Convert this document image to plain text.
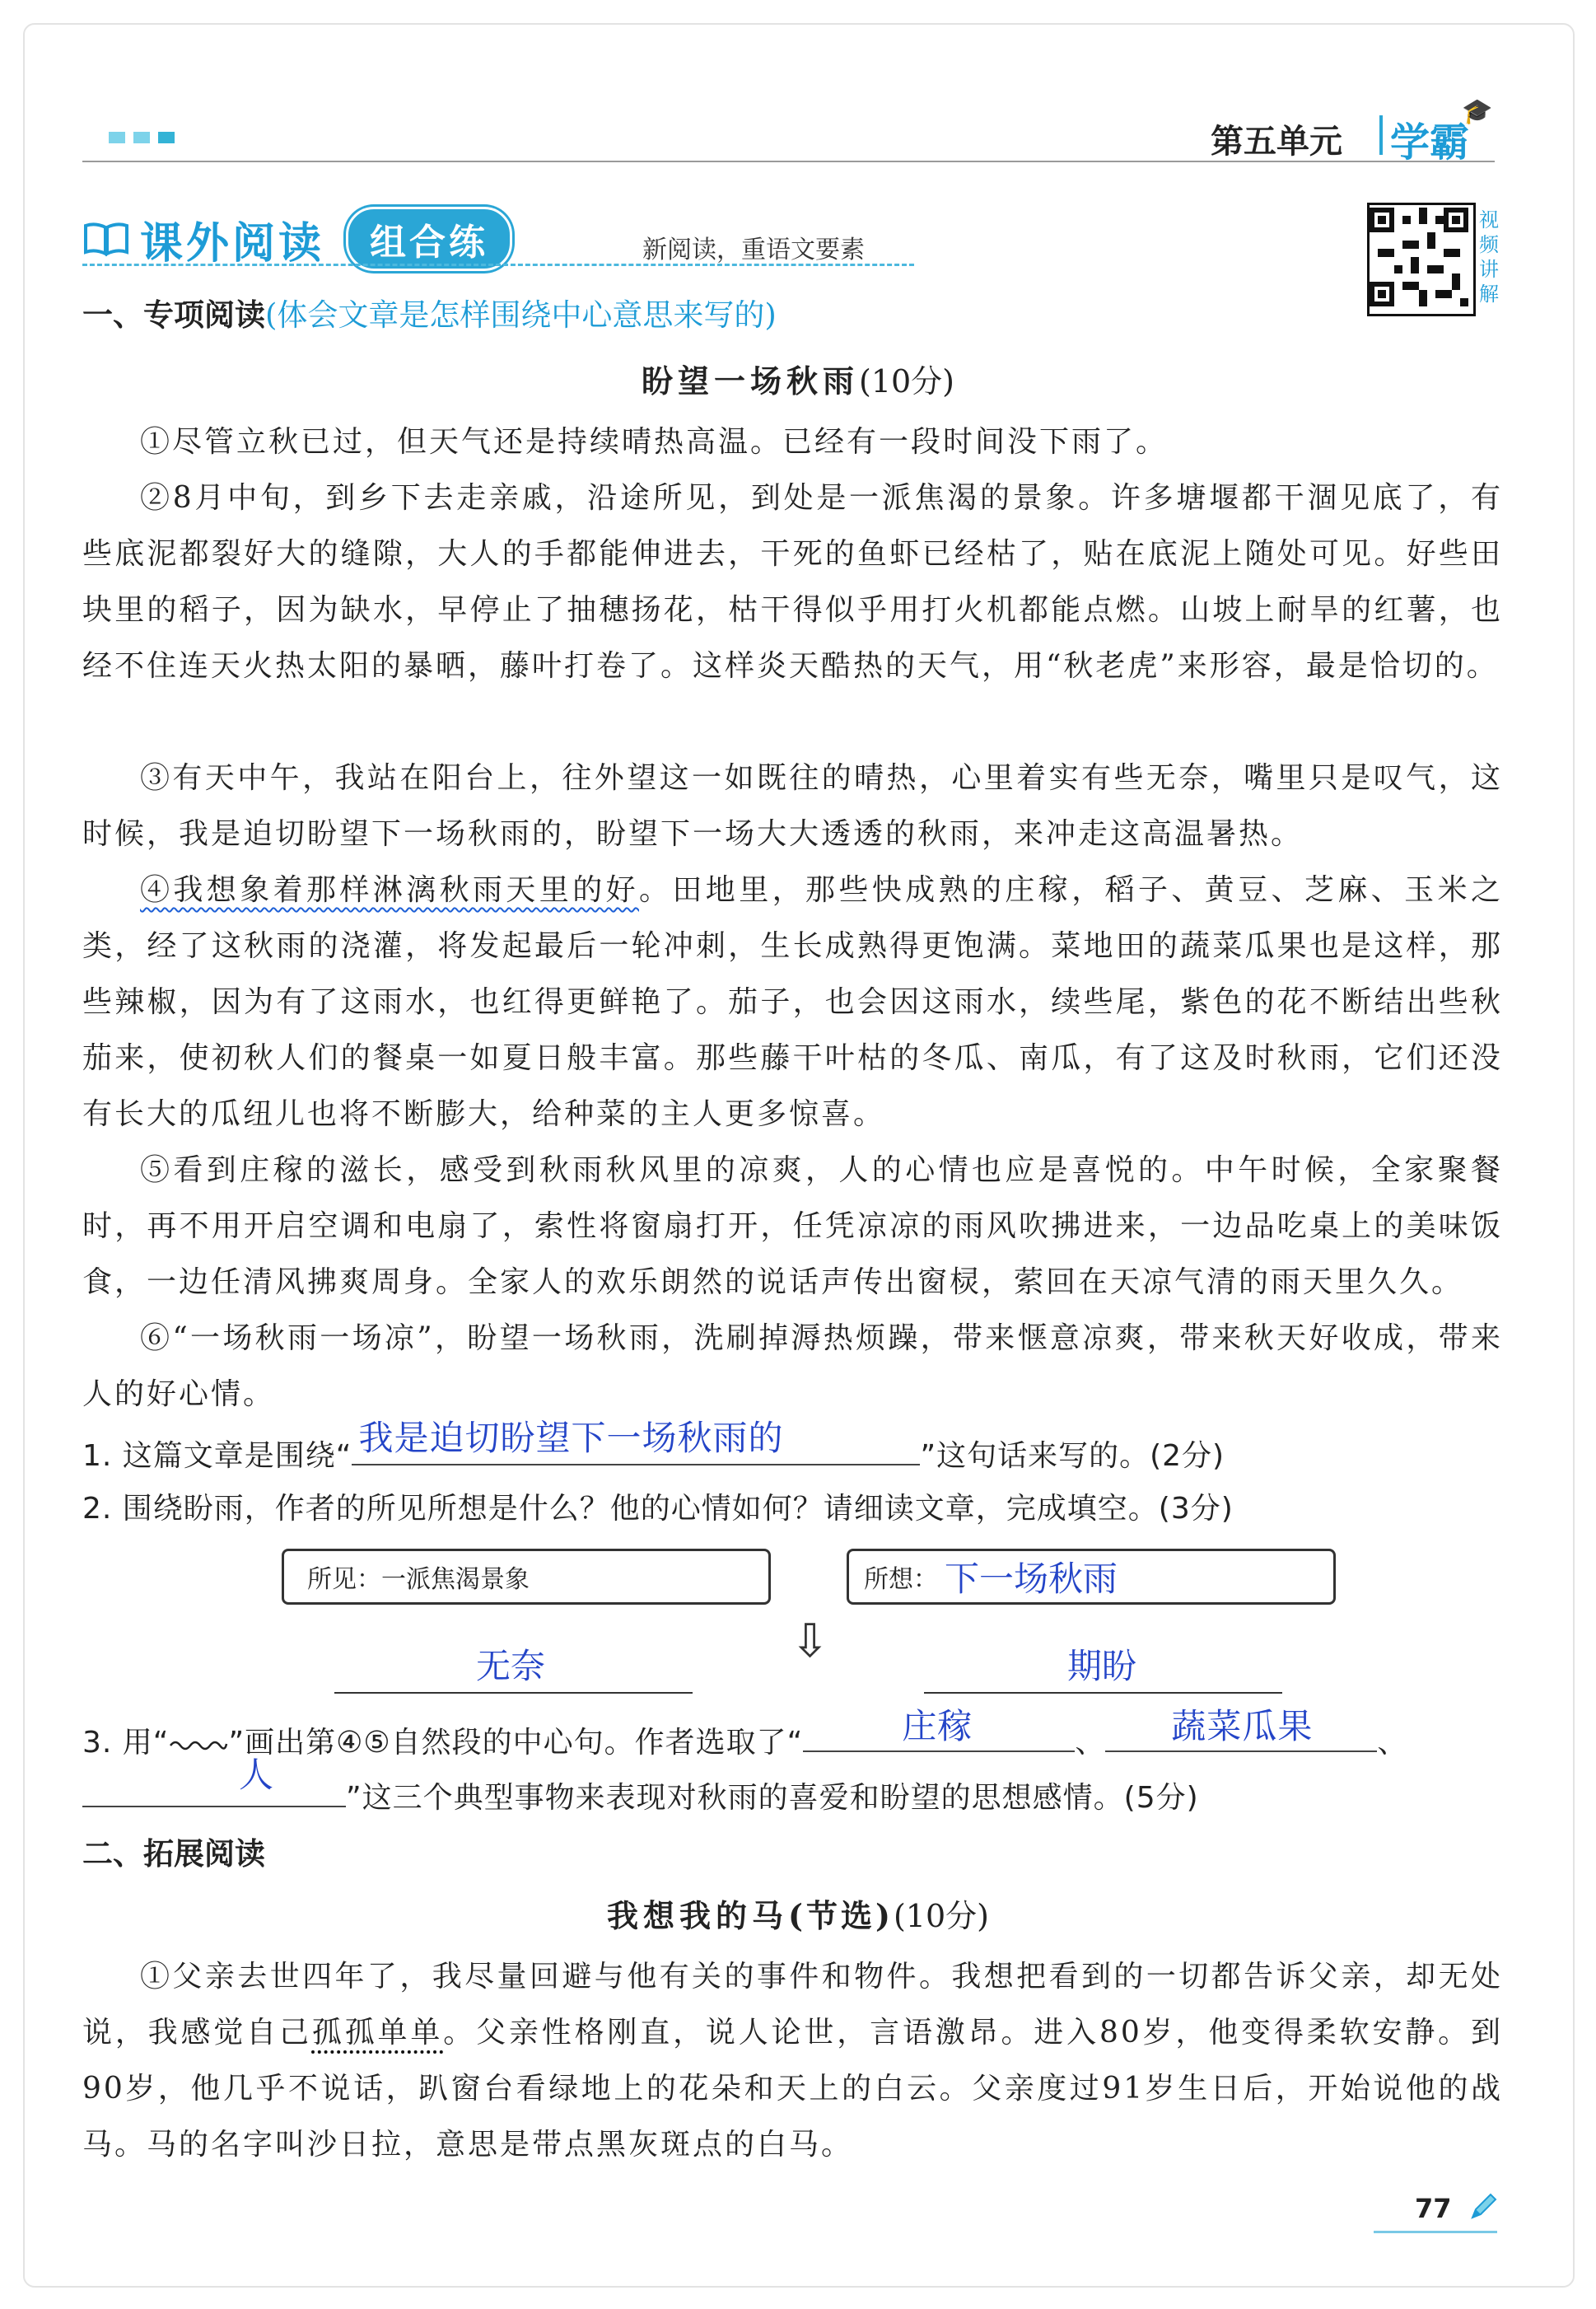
第五单元 学霸
🎓
课外阅读	组合练	新阅读，重语文要素
视频讲解
一、专项阅读(体会文章是怎样围绕中心意思来写的)
盼望一场秋雨(10分)
①尽管立秋已过，但天气还是持续晴热高温。已经有一段时间没下雨了。
②8月中旬，到乡下去走亲戚，沿途所见，到处是一派焦渴的景象。许多塘堰都干涸见底了，有些底泥都裂好大的缝隙，大人的手都能伸进去，干死的鱼虾已经枯了，贴在底泥上随处可见。好些田块里的稻子，因为缺水，早停止了抽穗扬花，枯干得似乎用打火机都能点燃。山坡上耐旱的红薯，也经不住连天火热太阳的暴晒，藤叶打卷了。这样炎天酷热的天气，用“秋老虎”来形容，最是恰切的。
③有天中午，我站在阳台上，往外望这一如既往的晴热，心里着实有些无奈，嘴里只是叹气，这时候，我是迫切盼望下一场秋雨的，盼望下一场大大透透的秋雨，来冲走这高温暑热。
④我想象着那样淋漓秋雨天里的好。田地里，那些快成熟的庄稼，稻子、黄豆、芝麻、玉米之类，经了这秋雨的浇灌，将发起最后一轮冲刺，生长成熟得更饱满。菜地田的蔬菜瓜果也是这样，那些辣椒，因为有了这雨水，也红得更鲜艳了。茄子，也会因这雨水，续些尾，紫色的花不断结出些秋茄来，使初秋人们的餐桌一如夏日般丰富。那些藤干叶枯的冬瓜、南瓜，有了这及时秋雨，它们还没有长大的瓜纽儿也将不断膨大，给种菜的主人更多惊喜。
⑤看到庄稼的滋长，感受到秋雨秋风里的凉爽，人的心情也应是喜悦的。中午时候，全家聚餐时，再不用开启空调和电扇了，索性将窗扇打开，任凭凉凉的雨风吹拂进来，一边品吃桌上的美味饭食，一边任清风拂爽周身。全家人的欢乐朗然的说话声传出窗棂，萦回在天凉气清的雨天里久久。
⑥“一场秋雨一场凉”，盼望一场秋雨，洗刷掉溽热烦躁，带来惬意凉爽，带来秋天好收成，带来人的好心情。
1. 这篇文章是围绕“ 我是迫切盼望下一场秋雨的	”这句话来写的。(2分)
2. 围绕盼雨，作者的所见所想是什么？他的心情如何？请细读文章，完成填空。(3分)
所见：一派焦渴景象	所想： 下一场秋雨
⇩
无奈	期盼
3. 用“ ”画出第④⑤自然段的中心句。作者选取了“	庄稼	、 蔬菜瓜果 、
人
”这三个典型事物来表现对秋雨的喜爱和盼望的思想感情。(5分)
二、拓展阅读
我想我的马(节选)(10分)
①父亲去世四年了，我尽量回避与他有关的事件和物件。我想把看到的一切都告诉父亲，却无处说，我感觉自己孤孤单单。父亲性格刚直，说人论世，言语激昂。进入80岁，他变得柔软安静。到90岁，他几乎不说话，趴窗台看绿地上的花朵和天上的白云。父亲度过91岁生日后，开始说他的战马。马的名字叫沙日拉，意思是带点黑灰斑点的白马。
77
